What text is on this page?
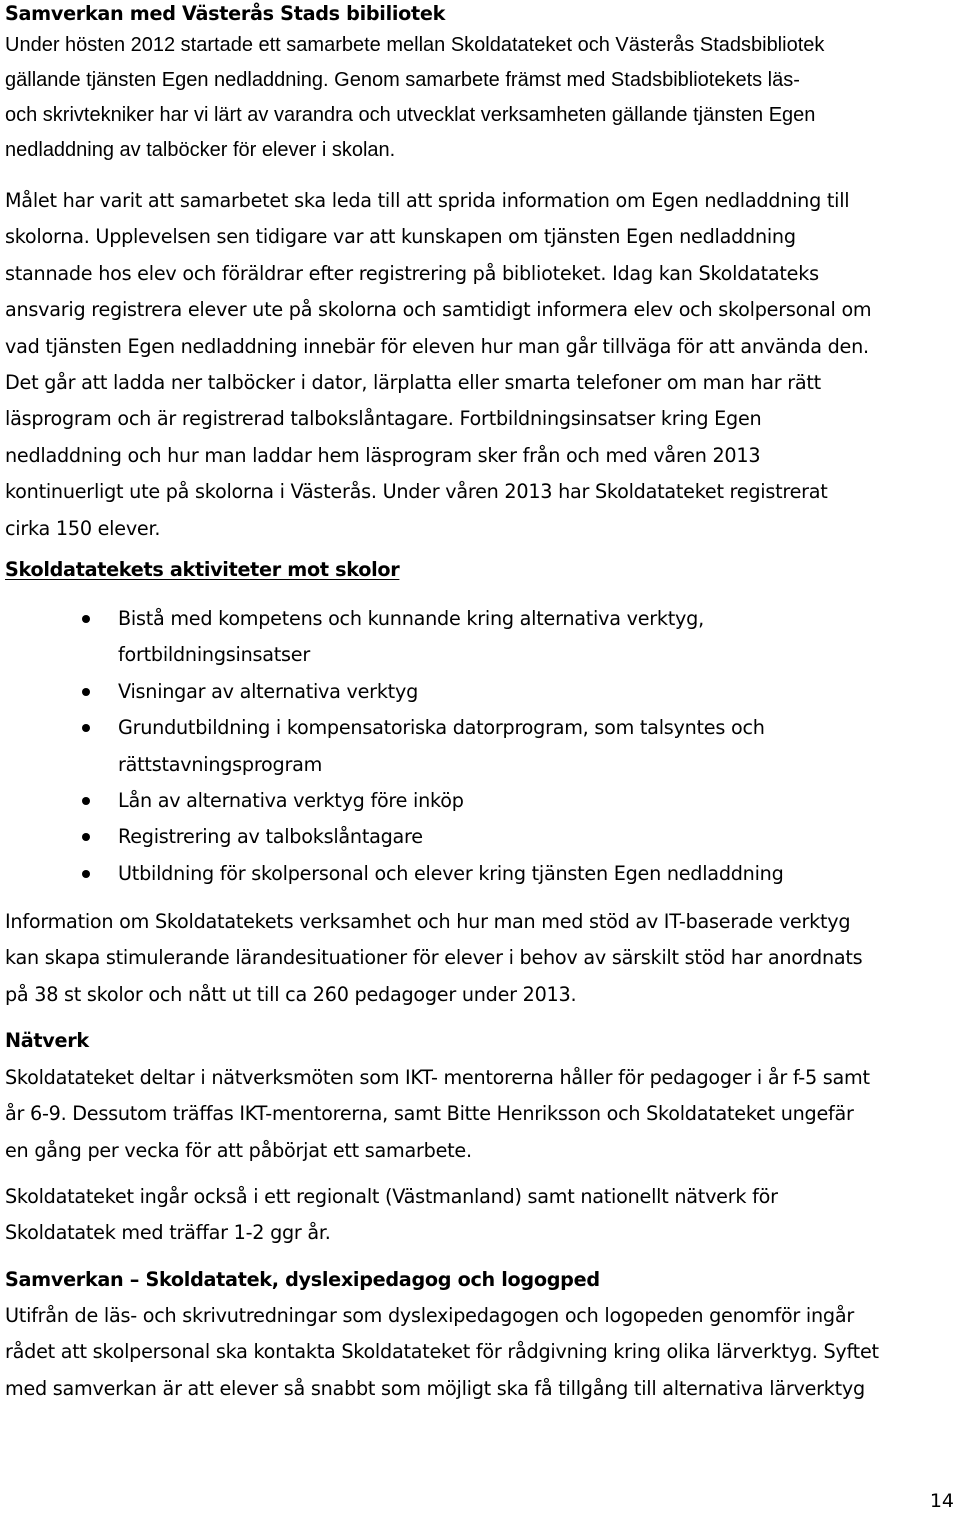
Samverkan med Västerås Stads bibiliotek
Under hösten 2012 startade ett samarbete mellan Skoldatateket och Västerås Stadsbibliotek
gällande tjänsten Egen nedladdning. Genom samarbete främst med Stadsbibliotekets läs-
och skrivtekniker har vi lärt av varandra och utvecklat verksamheten gällande tjänsten Egen
nedladdning av talböcker för elever i skolan.
Målet har varit att samarbetet ska leda till att sprida information om Egen nedladdning till
skolorna. Upplevelsen sen tidigare var att kunskapen om tjänsten Egen nedladdning
stannade hos elev och föräldrar efter registrering på biblioteket. Idag kan Skoldatateks
ansvarig registrera elever ute på skolorna och samtidigt informera elev och skolpersonal om
vad tjänsten Egen nedladdning innebär för eleven hur man går tillväga för att använda den.
Det går att ladda ner talböcker i dator, lärplatta eller smarta telefoner om man har rätt
läsprogram och är registrerad talbokslåntagare. Fortbildningsinsatser kring Egen
nedladdning och hur man laddar hem läsprogram sker från och med våren 2013
kontinuerligt ute på skolorna i Västerås. Under våren 2013 har Skoldatateket registrerat
cirka 150 elever.
Skoldatatekets aktiviteter mot skolor
Bistå med kompetens och kunnande kring alternativa verktyg,
fortbildningsinsatser
Visningar av alternativa verktyg
Grundutbildning i kompensatoriska datorprogram, som talsyntes och
rättstavningsprogram
Lån av alternativa verktyg före inköp
Registrering av talbokslåntagare
Utbildning för skolpersonal och elever kring tjänsten Egen nedladdning
Information om Skoldatatekets verksamhet och hur man med stöd av IT-baserade verktyg
kan skapa stimulerande lärandesituationer för elever i behov av särskilt stöd har anordnats
på 38 st skolor och nått ut till ca 260 pedagoger under 2013.
Nätverk
Skoldatateket deltar i nätverksmöten som IKT- mentorerna håller för pedagoger i år f-5 samt
år 6-9. Dessutom träffas IKT-mentorerna, samt Bitte Henriksson och Skoldatateket ungefär
en gång per vecka för att påbörjat ett samarbete.
Skoldatateket ingår också i ett regionalt (Västmanland) samt nationellt nätverk för
Skoldatatek med träffar 1-2 ggr år.
Samverkan – Skoldatatek, dyslexipedagog och logogped
Utifrån de läs- och skrivutredningar som dyslexipedagogen och logopeden genomför ingår
rådet att skolpersonal ska kontakta Skoldatateket för rådgivning kring olika lärverktyg. Syftet
med samverkan är att elever så snabbt som möjligt ska få tillgång till alternativa lärverktyg
14
